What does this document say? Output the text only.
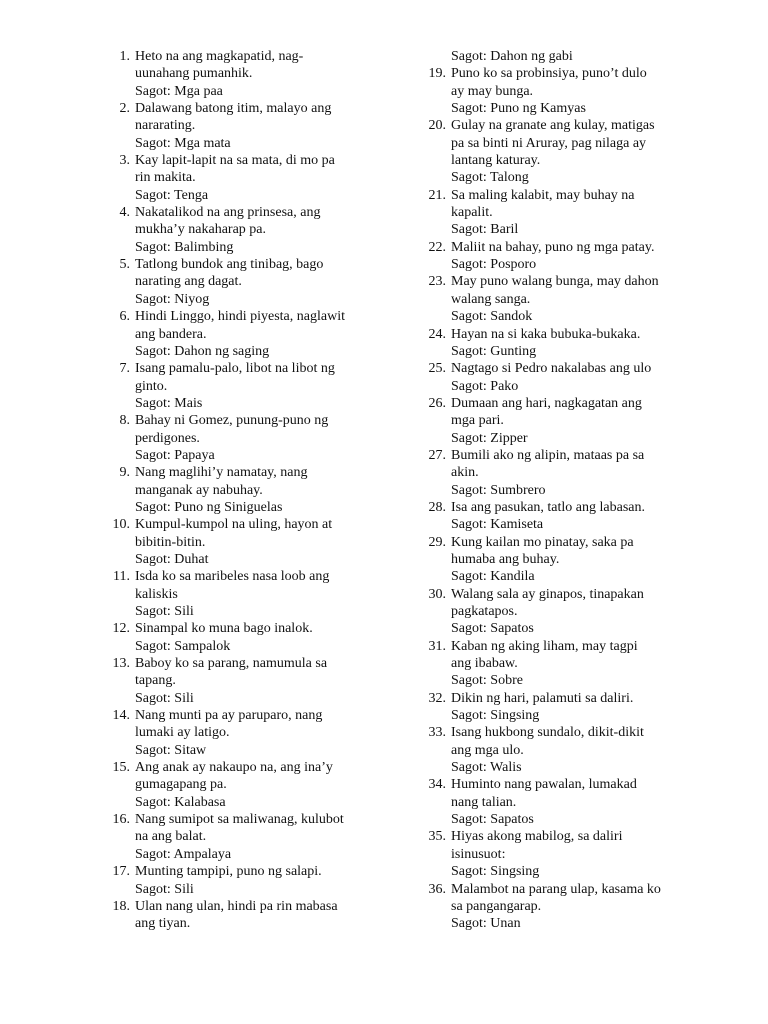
1. Heto na ang magkapatid, nag-
uunahang pumanhik.
Sagot: Mga paa
2. Dalawang batong itim, malayo ang
nararating.
Sagot: Mga mata
3. Kay lapit-lapit na sa mata, di mo pa
rin makita.
Sagot: Tenga
4. Nakatalikod na ang prinsesa, ang
mukha’y nakaharap pa.
Sagot: Balimbing
5. Tatlong bundok ang tinibag, bago
narating ang dagat.
Sagot: Niyog
6. Hindi Linggo, hindi piyesta, naglawit
ang bandera.
Sagot: Dahon ng saging
7. Isang pamalu-palo, libot na libot ng
ginto.
Sagot: Mais
8. Bahay ni Gomez, punung-puno ng
perdigones.
Sagot: Papaya
9. Nang maglihi’y namatay, nang
manganak ay nabuhay.
Sagot: Puno ng Siniguelas
10. Kumpul-kumpol na uling, hayon at
bibitin-bitin.
Sagot: Duhat
11. Isda ko sa maribeles nasa loob ang
kaliskis
Sagot: Sili
12. Sinampal ko muna bago inalok.
Sagot: Sampalok
13. Baboy ko sa parang, namumula sa
tapang.
Sagot: Sili
14. Nang munti pa ay paruparo, nang
lumaki ay latigo.
Sagot: Sitaw
15. Ang anak ay nakaupo na, ang ina’y
gumagapang pa.
Sagot: Kalabasa
16. Nang sumipot sa maliwanag, kulubot
na ang balat.
Sagot: Ampalaya
17. Munting tampipi, puno ng salapi.
Sagot: Sili
18. Ulan nang ulan, hindi pa rin mabasa
ang tiyan.
Sagot: Dahon ng gabi
19. Puno ko sa probinsiya, puno’t dulo
ay may bunga.
Sagot: Puno ng Kamyas
20. Gulay na granate ang kulay, matigas
pa sa binti ni Aruray, pag nilaga ay
lantang katuray.
Sagot: Talong
21. Sa maling kalabit, may buhay na
kapalit.
Sagot: Baril
22. Maliit na bahay, puno ng mga patay.
Sagot: Posporo
23. May puno walang bunga, may dahon
walang sanga.
Sagot: Sandok
24. Hayan na si kaka bubuka-bukaka.
Sagot: Gunting
25. Nagtago si Pedro nakalabas ang ulo
Sagot: Pako
26. Dumaan ang hari, nagkagatan ang
mga pari.
Sagot: Zipper
27. Bumili ako ng alipin, mataas pa sa
akin.
Sagot: Sumbrero
28. Isa ang pasukan, tatlo ang labasan.
Sagot: Kamiseta
29. Kung kailan mo pinatay, saka pa
humaba ang buhay.
Sagot: Kandila
30. Walang sala ay ginapos, tinapakan
pagkatapos.
Sagot: Sapatos
31. Kaban ng aking liham, may tagpi
ang ibabaw.
Sagot: Sobre
32. Dikin ng hari, palamuti sa daliri.
Sagot: Singsing
33. Isang hukbong sundalo, dikit-dikit
ang mga ulo.
Sagot: Walis
34. Huminto nang pawalan, lumakad
nang talian.
Sagot: Sapatos
35. Hiyas akong mabilog, sa daliri
isinusuot:
Sagot: Singsing
36. Malambot na parang ulap, kasama ko
sa pangangarap.
Sagot: Unan
